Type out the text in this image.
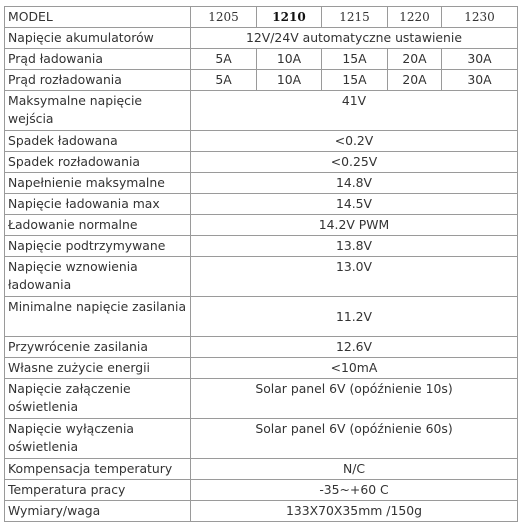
MODEL	1205	1210	1215	1220	1230
Napięcie akumulatorów	12V/24V automatyczne ustawienie				
Prąd ładowania	5A	10A	15A	20A	30A
Prąd rozładowania	5A	10A	15A	20A	30A
Maksymalne napięcie wejścia	41V				
Spadek ładowana	<0.2V				
Spadek rozładowania	<0.25V				
Napełnienie maksymalne	14.8V				
Napięcie ładowania max	14.5V				
Ładowanie normalne	14.2V PWM				
Napięcie podtrzymywane	13.8V				
Napięcie wznowienia ładowania	13.0V				
Minimalne napięcie zasilania	11.2V				
Przywrócenie zasilania	12.6V				
Własne zużycie energii	<10mA				
Napięcie załączenie oświetlenia	Solar panel 6V (opóźnienie 10s)				
Napięcie wyłączenia oświetlenia	Solar panel 6V (opóźnienie 60s)				
Kompensacja temperatury	N/C				
Temperatura pracy	-35~+60 C				
Wymiary/waga	133X70X35mm /150g				
